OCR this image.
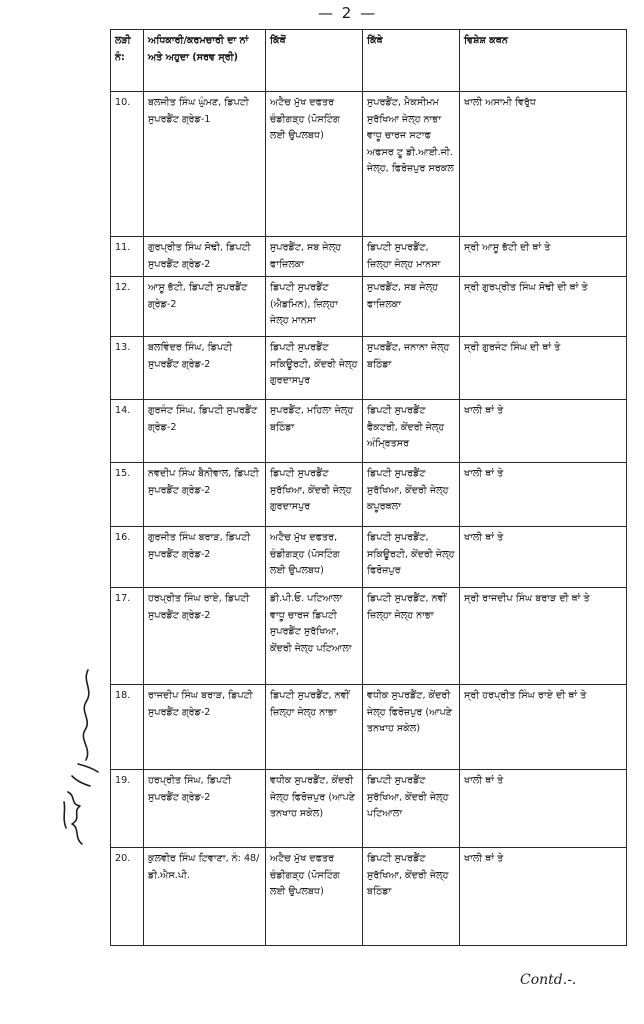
— 2 —
ਲੜੀ ਨੰ:	ਅਧਿਕਾਰੀ/ਕਰਮਚਾਰੀ ਦਾ ਨਾਂ ਅਤੇ ਅਹੁਦਾ (ਸਰਵ ਸ੍ਰੀ)	ਕਿੱਥੋਂ	ਕਿੱਥੇ	ਵਿਸ਼ੇਸ਼ ਕਥਨ
10.	ਬਲਜੀਤ ਸਿੰਘ ਘੁੰਮਣ, ਡਿਪਟੀ ਸੁਪਰਡੈਂਟ ਗ੍ਰੇਡ-1	ਅਟੈਚ ਮੁੱਖ ਦਫਤਰ ਚੰਡੀਗੜ੍ਹ (ਪੋਸਟਿੰਗ ਲਈ ਉਪਲਬਧ)	ਸੁਪਰਡੈਂਟ, ਮੈਕਸੀਮਮ ਸੁਰੱਖਿਆ ਜੇਲ੍ਹ ਨਾਭਾ ਵਾਧੂ ਚਾਰਜ ਸਟਾਫ ਅਫਸਰ ਟੂ ਡੀ.ਆਈ.ਜੀ. ਜੇਲ੍ਹ, ਫਿਰੋਜ਼ਪੁਰ ਸਰਕਲ	ਖਾਲੀ ਅਸਾਮੀ ਵਿਰੁੱਧ
11.	ਗੁਰਪ੍ਰੀਤ ਸਿੰਘ ਸੋਢੀ, ਡਿਪਟੀ ਸੁਪਰਡੈਂਟ ਗ੍ਰੇਡ-2	ਸੁਪਰਡੈਂਟ, ਸਬ ਜੇਲ੍ਹ ਫਾਜ਼ਿਲਕਾ	ਡਿਪਟੀ ਸੁਪਰਡੈਂਟ, ਜ਼ਿਲ੍ਹਾ ਜੇਲ੍ਹ ਮਾਨਸਾ	ਸ੍ਰੀ ਆਸੂ ਭੱਟੀ ਦੀ ਥਾਂ ਤੇ
12.	ਆਸੂ ਭੱਟੀ, ਡਿਪਟੀ ਸੁਪਰਡੈਂਟ ਗ੍ਰੇਡ-2	ਡਿਪਟੀ ਸੁਪਰਡੈਂਟ (ਐਡਮਿਨ), ਜ਼ਿਲ੍ਹਾ ਜੇਲ੍ਹ ਮਾਨਸਾ	ਸੁਪਰਡੈਂਟ, ਸਬ ਜੇਲ੍ਹ ਫਾਜ਼ਿਲਕਾ	ਸ੍ਰੀ ਗੁਰਪ੍ਰੀਤ ਸਿੰਘ ਸੋਢੀ ਦੀ ਥਾਂ ਤੇ
13.	ਬਲਵਿੰਦਰ ਸਿੰਘ, ਡਿਪਟੀ ਸੁਪਰਡੈਂਟ ਗ੍ਰੇਡ-2	ਡਿਪਟੀ ਸੁਪਰਡੈਂਟ ਸਕਿਊਰਟੀ, ਕੇਂਦਰੀ ਜੇਲ੍ਹ ਗੁਰਦਾਸਪੁਰ	ਸੁਪਰਡੈਂਟ, ਜਨਾਨਾ ਜੇਲ੍ਹ ਬਠਿੰਡਾ	ਸ੍ਰੀ ਗੁਰਜੰਟ ਸਿੰਘ ਦੀ ਥਾਂ ਤੇ
14.	ਗੁਰਜੰਟ ਸਿੰਘ, ਡਿਪਟੀ ਸੁਪਰਡੈਂਟ ਗ੍ਰੇਡ-2	ਸੁਪਰਡੈਂਟ, ਮਹਿਲਾ ਜੇਲ੍ਹ ਬਠਿੰਡਾ	ਡਿਪਟੀ ਸੁਪਰਡੈਂਟ ਫੈਕਟਰੀ, ਕੇਂਦਰੀ ਜੇਲ੍ਹ ਅੰਮ੍ਰਿਤਸਰ	ਖਾਲੀ ਥਾਂ ਤੇ
15.	ਨਵਦੀਪ ਸਿੰਘ ਬੈਨੀਵਾਲ, ਡਿਪਟੀ ਸੁਪਰਡੈਂਟ ਗ੍ਰੇਡ-2	ਡਿਪਟੀ ਸੁਪਰਡੈਂਟ ਸੁਰੱਖਿਆ, ਕੇਂਦਰੀ ਜੇਲ੍ਹ ਗੁਰਦਾਸਪੁਰ	ਡਿਪਟੀ ਸੁਪਰਡੈਂਟ ਸੁਰੱਖਿਆ, ਕੇਂਦਰੀ ਜੇਲ੍ਹ ਕਪੂਰਥਲਾ	ਖਾਲੀ ਥਾਂ ਤੇ
16.	ਗੁਰਜੀਤ ਸਿੰਘ ਬਰਾੜ, ਡਿਪਟੀ ਸੁਪਰਡੈਂਟ ਗ੍ਰੇਡ-2	ਅਟੈਚ ਮੁੱਖ ਦਫਤਰ, ਚੰਡੀਗੜ੍ਹ (ਪੋਸਟਿੰਗ ਲਈ ਉਪਲਬਧ)	ਡਿਪਟੀ ਸੁਪਰਡੈਂਟ, ਸਕਿਊਰਟੀ, ਕੇਂਦਰੀ ਜੇਲ੍ਹ ਫਿਰੋਜ਼ਪੁਰ	ਖਾਲੀ ਥਾਂ ਤੇ
17.	ਹਰਪ੍ਰੀਤ ਸਿੰਘ ਰਾਏ, ਡਿਪਟੀ ਸੁਪਰਡੈਂਟ ਗ੍ਰੇਡ-2	ਡੀ.ਪੀ.ਓ. ਪਟਿਆਲਾ ਵਾਧੂ ਚਾਰਜ ਡਿਪਟੀ ਸੁਪਰਡੈਂਟ ਸੁਰੱਖਿਆ, ਕੇਂਦਰੀ ਜੇਲ੍ਹ ਪਟਿਆਲਾ	ਡਿਪਟੀ ਸੁਪਰਡੈਂਟ, ਨਵੀਂ ਜ਼ਿਲ੍ਹਾ ਜੇਲ੍ਹ ਨਾਭਾ	ਸ੍ਰੀ ਰਾਜਦੀਪ ਸਿੰਘ ਬਰਾੜ ਦੀ ਥਾਂ ਤੇ
18.	ਰਾਜਦੀਪ ਸਿੰਘ ਬਰਾੜ, ਡਿਪਟੀ ਸੁਪਰਡੈਂਟ ਗ੍ਰੇਡ-2	ਡਿਪਟੀ ਸੁਪਰਡੈਂਟ, ਨਵੀਂ ਜ਼ਿਲ੍ਹਾ ਜੇਲ੍ਹ ਨਾਭਾ	ਵਧੀਕ ਸੁਪਰਡੈਂਟ, ਕੇਂਦਰੀ ਜੇਲ੍ਹ ਫਿਰੋਜ਼ਪੁਰ (ਆਪਣੇ ਤਨਖਾਹ ਸਕੇਲ)	ਸ੍ਰੀ ਹਰਪ੍ਰੀਤ ਸਿੰਘ ਰਾਏ ਦੀ ਥਾਂ ਤੇ
19.	ਹਰਪ੍ਰੀਤ ਸਿੰਘ, ਡਿਪਟੀ ਸੁਪਰਡੈਂਟ ਗ੍ਰੇਡ-2	ਵਧੀਕ ਸੁਪਰਡੈਂਟ, ਕੇਂਦਰੀ ਜੇਲ੍ਹ ਫਿਰੋਜ਼ਪੁਰ (ਆਪਣੇ ਤਨਖਾਹ ਸਕੇਲ)	ਡਿਪਟੀ ਸੁਪਰਡੈਂਟ ਸੁਰੱਖਿਆ, ਕੇਂਦਰੀ ਜੇਲ੍ਹ ਪਟਿਆਲਾ	ਖਾਲੀ ਥਾਂ ਤੇ
20.	ਕੁਲਵੀਰ ਸਿੰਘ ਟਿਵਾਣਾ, ਨੰ: 48/ਡੀ.ਐਸ.ਪੀ.	ਅਟੈਚ ਮੁੱਖ ਦਫਤਰ ਚੰਡੀਗੜ੍ਹ (ਪੋਸਟਿੰਗ ਲਈ ਉਪਲਬਧ)	ਡਿਪਟੀ ਸੁਪਰਡੈਂਟ ਸੁਰੱਖਿਆ, ਕੇਂਦਰੀ ਜੇਲ੍ਹ ਬਠਿੰਡਾ	ਖਾਲੀ ਥਾਂ ਤੇ
Contd.-.
